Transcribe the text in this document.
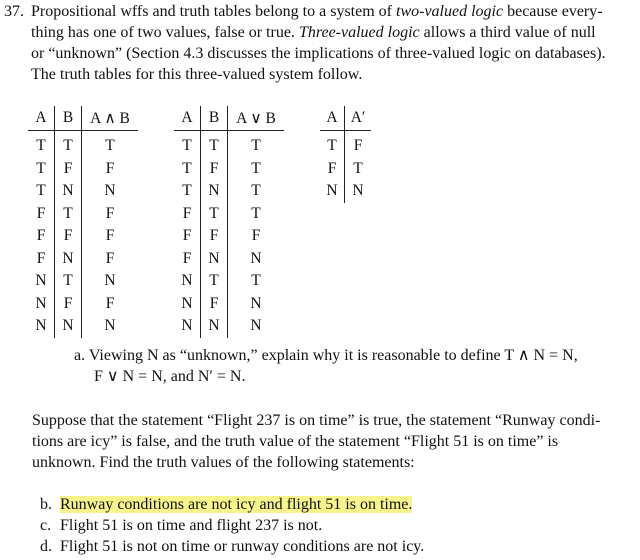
37. Propositional wffs and truth tables belong to a system of two-valued logic because every-
thing has one of two values, false or true. Three-valued logic allows a third value of null
or “unknown” (Section 4.3 discusses the implications of three-valued logic on databases).
The truth tables for this three-valued system follow.
A	B	A ∧ B
T	T	T
T	F	F
T	N	N
F	T	F
F	F	F
F	N	F
N	T	N
N	F	F
N	N	N
A	B	A ∨ B
T	T	T
T	F	T
T	N	T
F	T	T
F	F	F
F	N	N
N	T	T
N	F	N
N	N	N
A	A′
T	F
F	T
N	N
a. Viewing N as “unknown,” explain why it is reasonable to define T ∧ N = N,
F ∨ N = N, and N′ = N.
Suppose that the statement “Flight 237 is on time” is true, the statement “Runway condi-
tions are icy” is false, and the truth value of the statement “Flight 51 is on time” is
unknown. Find the truth values of the following statements:
b. Runway conditions are not icy and flight 51 is on time.
c. Flight 51 is on time and flight 237 is not.
d. Flight 51 is not on time or runway conditions are not icy.
